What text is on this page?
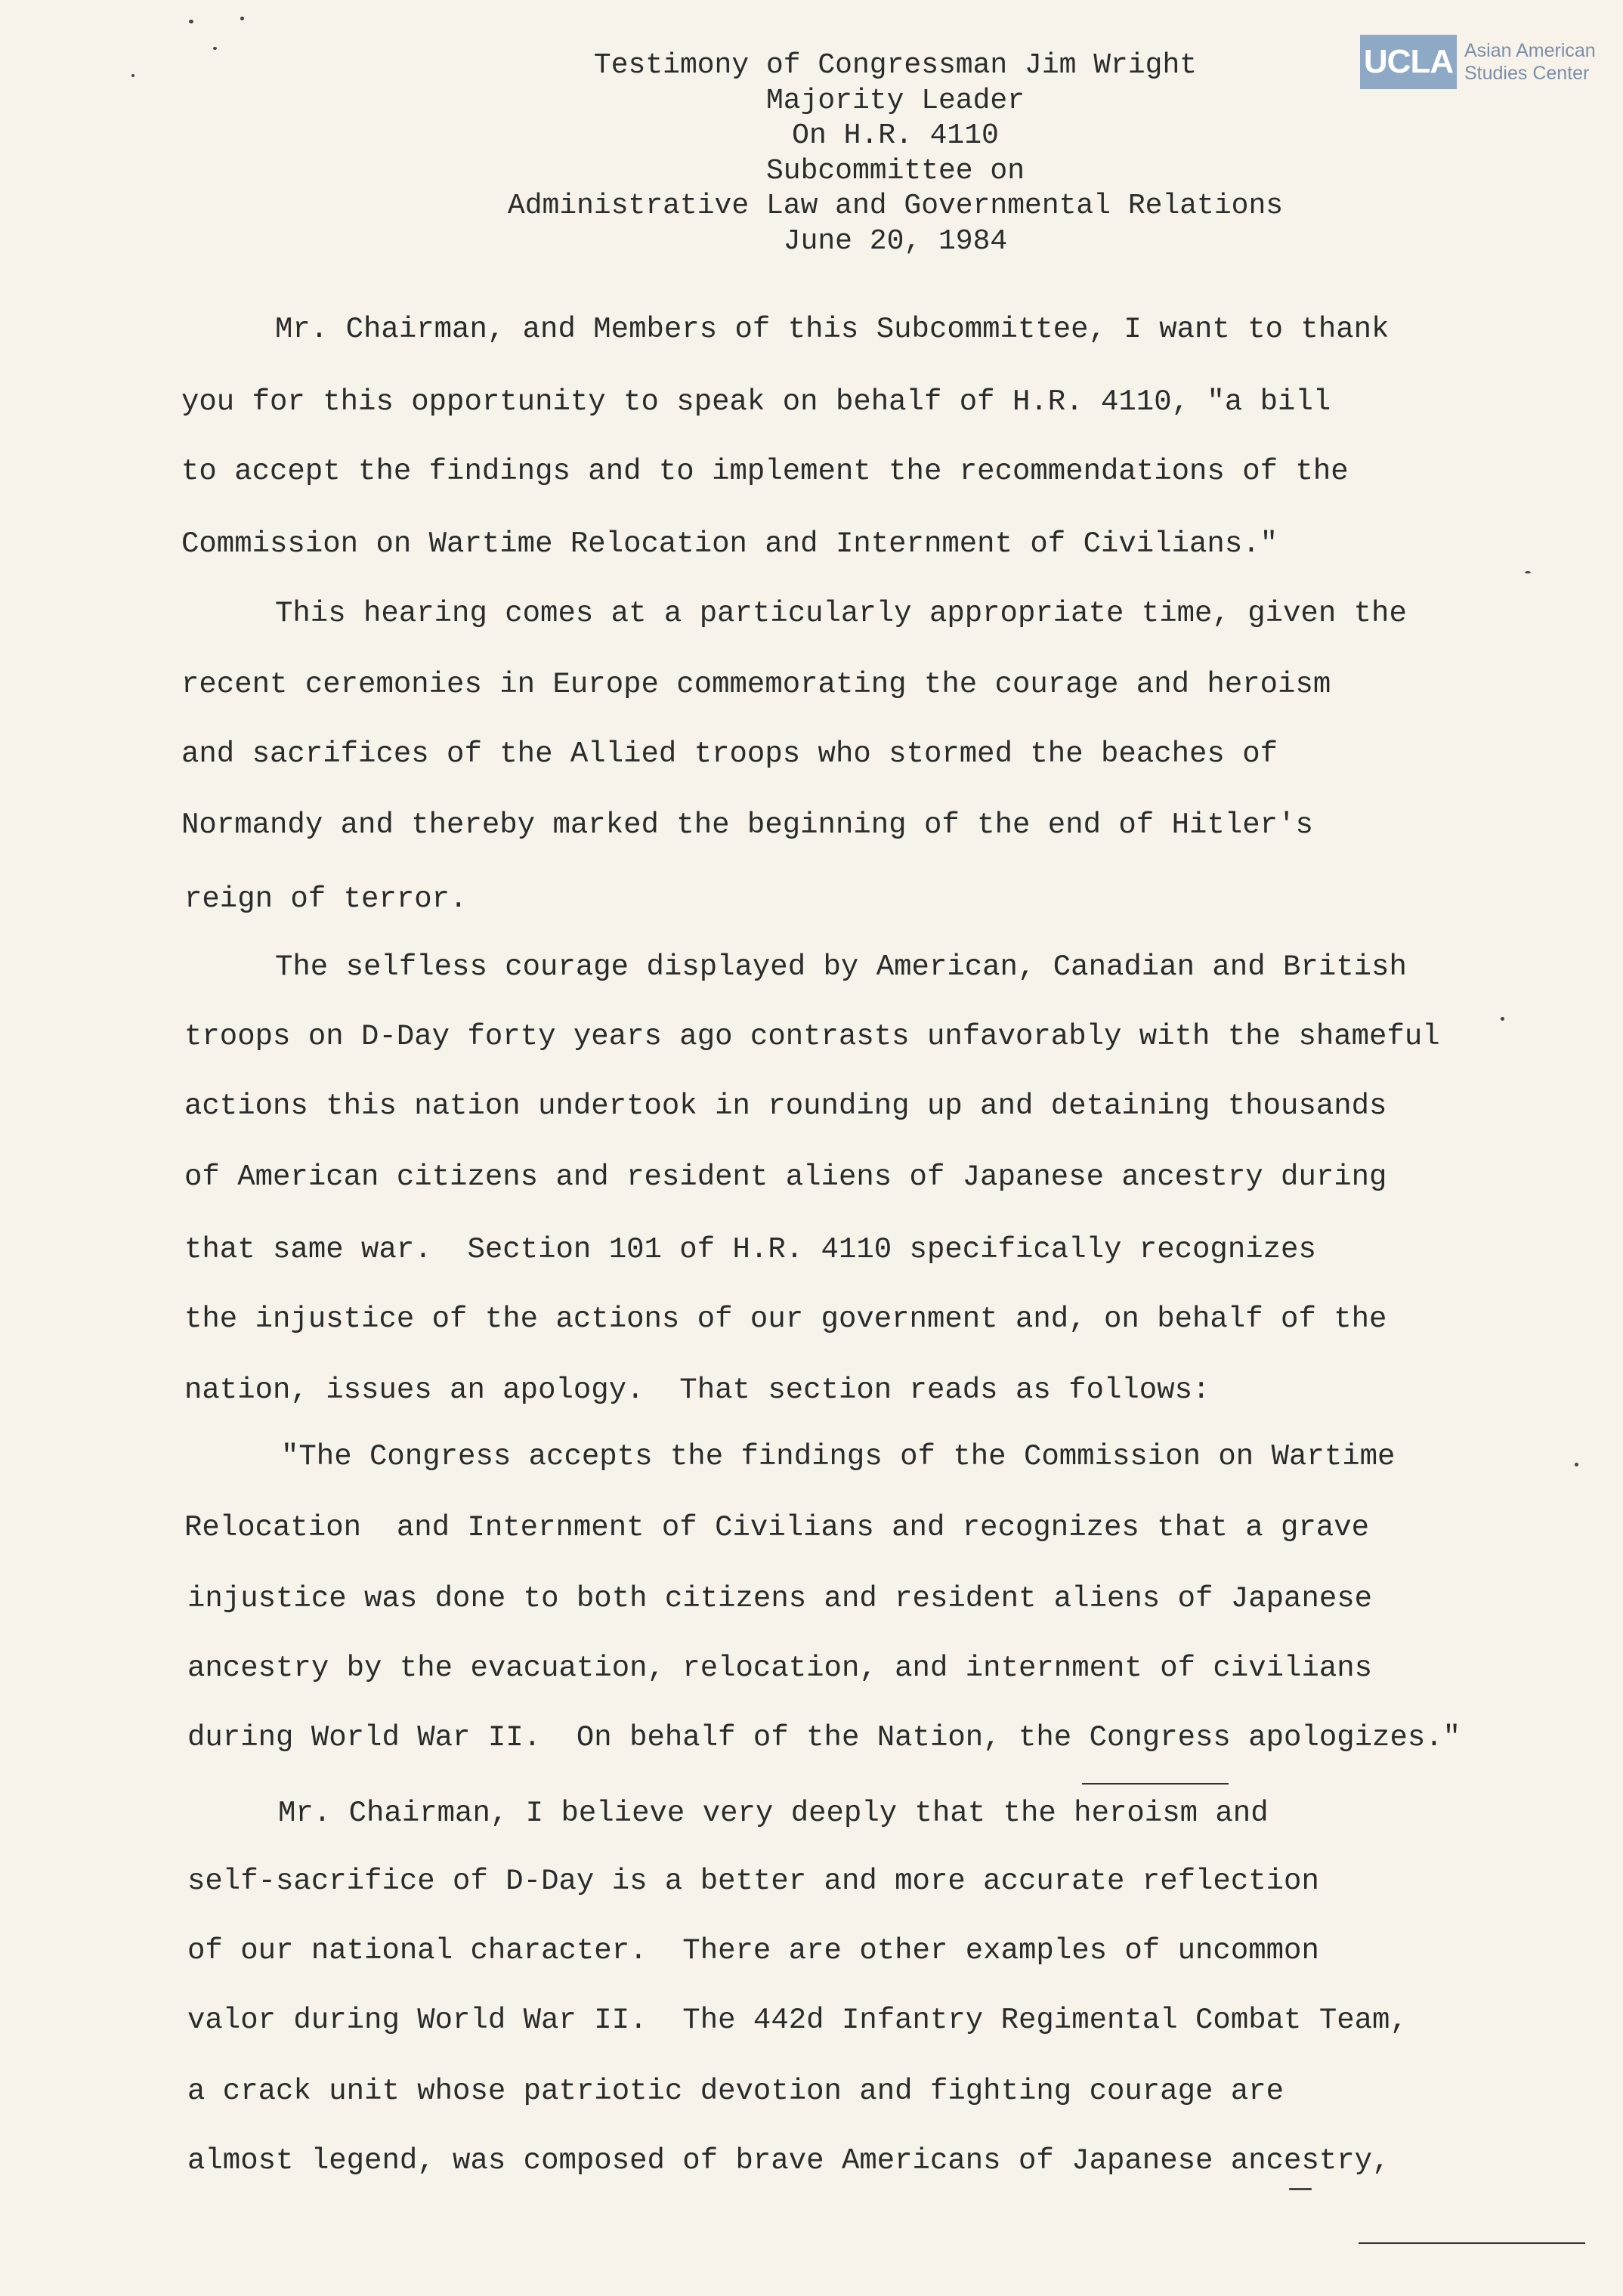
UCLA Asian American
Studies Center
Testimony of Congressman Jim Wright
Majority Leader
On H.R. 4110
Subcommittee on
Administrative Law and Governmental Relations
June 20, 1984
Mr. Chairman, and Members of this Subcommittee, I want to thank
you for this opportunity to speak on behalf of H.R. 4110, "a bill
to accept the findings and to implement the recommendations of the
Commission on Wartime Relocation and Internment of Civilians."
This hearing comes at a particularly appropriate time, given the
recent ceremonies in Europe commemorating the courage and heroism
and sacrifices of the Allied troops who stormed the beaches of
Normandy and thereby marked the beginning of the end of Hitler's
reign of terror.
The selfless courage displayed by American, Canadian and British
troops on D-Day forty years ago contrasts unfavorably with the shameful
actions this nation undertook in rounding up and detaining thousands
of American citizens and resident aliens of Japanese ancestry during
that same war.  Section 101 of H.R. 4110 specifically recognizes
the injustice of the actions of our government and, on behalf of the
nation, issues an apology.  That section reads as follows:
"The Congress accepts the findings of the Commission on Wartime
Relocation  and Internment of Civilians and recognizes that a grave
injustice was done to both citizens and resident aliens of Japanese
ancestry by the evacuation, relocation, and internment of civilians
during World War II.  On behalf of the Nation, the Congress apologizes."
Mr. Chairman, I believe very deeply that the heroism and
self-sacrifice of D-Day is a better and more accurate reflection
of our national character.  There are other examples of uncommon
valor during World War II.  The 442d Infantry Regimental Combat Team,
a crack unit whose patriotic devotion and fighting courage are
almost legend, was composed of brave Americans of Japanese ancestry,
